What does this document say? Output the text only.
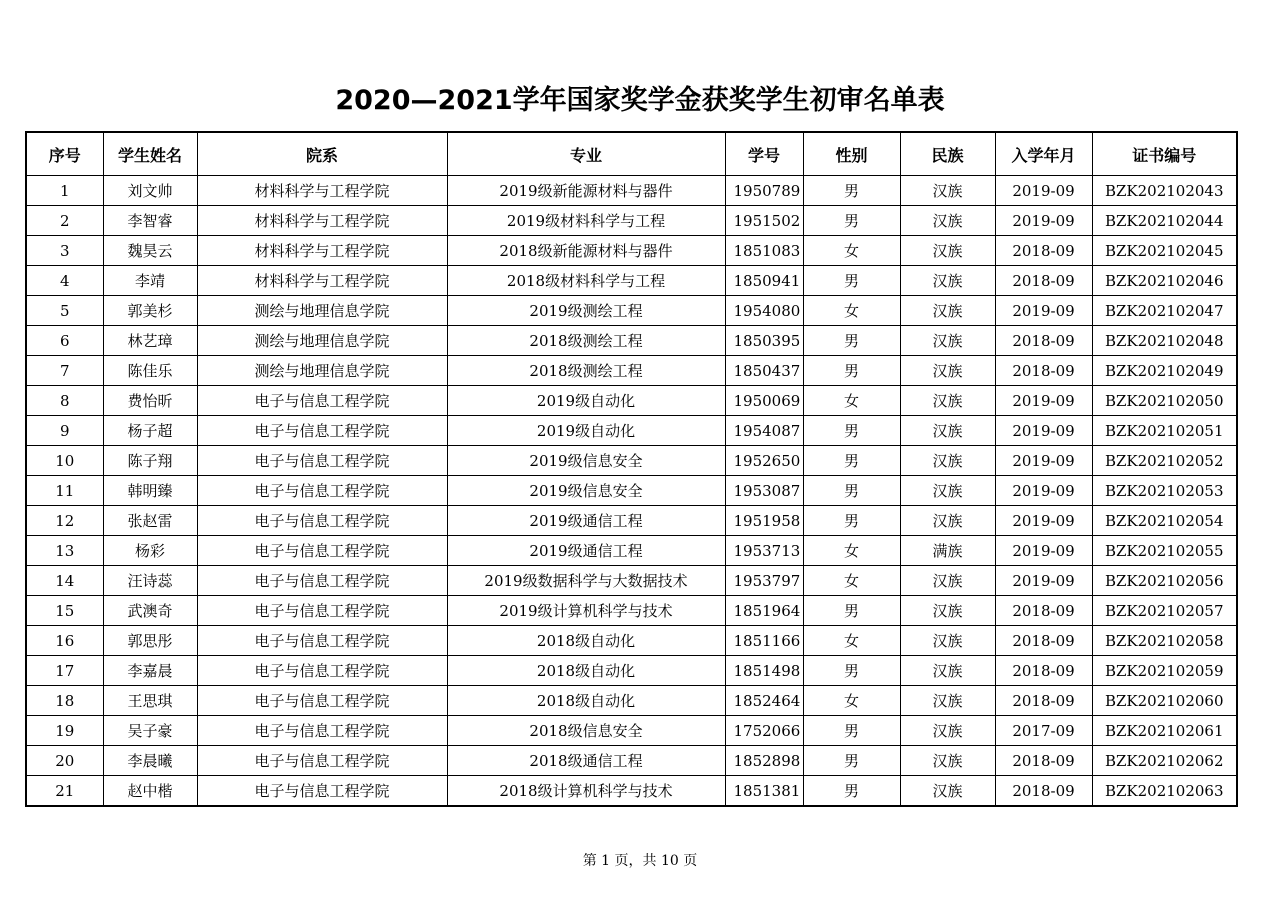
2020—2021学年国家奖学金获奖学生初审名单表
序号	学生姓名	院系	专业	学号	性别	民族	入学年月	证书编号
1	刘文帅	材料科学与工程学院	2019级新能源材料与器件	1950789	男	汉族	2019-09	BZK202102043
2	李智睿	材料科学与工程学院	2019级材料科学与工程	1951502	男	汉族	2019-09	BZK202102044
3	魏昊云	材料科学与工程学院	2018级新能源材料与器件	1851083	女	汉族	2018-09	BZK202102045
4	李靖	材料科学与工程学院	2018级材料科学与工程	1850941	男	汉族	2018-09	BZK202102046
5	郭美杉	测绘与地理信息学院	2019级测绘工程	1954080	女	汉族	2019-09	BZK202102047
6	林艺璋	测绘与地理信息学院	2018级测绘工程	1850395	男	汉族	2018-09	BZK202102048
7	陈佳乐	测绘与地理信息学院	2018级测绘工程	1850437	男	汉族	2018-09	BZK202102049
8	费怡昕	电子与信息工程学院	2019级自动化	1950069	女	汉族	2019-09	BZK202102050
9	杨子超	电子与信息工程学院	2019级自动化	1954087	男	汉族	2019-09	BZK202102051
10	陈子翔	电子与信息工程学院	2019级信息安全	1952650	男	汉族	2019-09	BZK202102052
11	韩明臻	电子与信息工程学院	2019级信息安全	1953087	男	汉族	2019-09	BZK202102053
12	张赵雷	电子与信息工程学院	2019级通信工程	1951958	男	汉族	2019-09	BZK202102054
13	杨彩	电子与信息工程学院	2019级通信工程	1953713	女	满族	2019-09	BZK202102055
14	汪诗蕊	电子与信息工程学院	2019级数据科学与大数据技术	1953797	女	汉族	2019-09	BZK202102056
15	武澳奇	电子与信息工程学院	2019级计算机科学与技术	1851964	男	汉族	2018-09	BZK202102057
16	郭思彤	电子与信息工程学院	2018级自动化	1851166	女	汉族	2018-09	BZK202102058
17	李嘉晨	电子与信息工程学院	2018级自动化	1851498	男	汉族	2018-09	BZK202102059
18	王思琪	电子与信息工程学院	2018级自动化	1852464	女	汉族	2018-09	BZK202102060
19	吴子豪	电子与信息工程学院	2018级信息安全	1752066	男	汉族	2017-09	BZK202102061
20	李晨曦	电子与信息工程学院	2018级通信工程	1852898	男	汉族	2018-09	BZK202102062
21	赵中楷	电子与信息工程学院	2018级计算机科学与技术	1851381	男	汉族	2018-09	BZK202102063
第 1 页，共 10 页
